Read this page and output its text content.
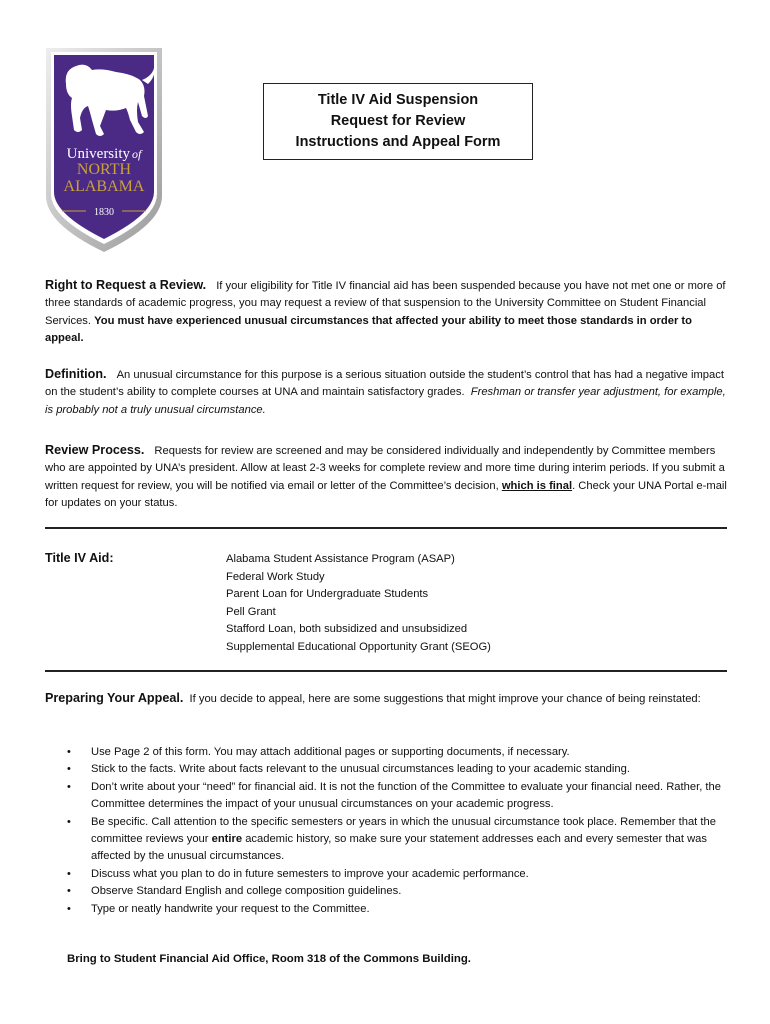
University of
NORTH
ALABAMA
1830
Title IV Aid Suspension
Request for Review
Instructions and Appeal Form

Right to Request a Review. If your eligibility for Title IV financial aid has been suspended because you have not met one or more of three standards of academic progress, you may request a review of that suspension to the University Committee on Student Financial Services. You must have experienced unusual circumstances that affected your ability to meet those standards in order to appeal.

Definition. An unusual circumstance for this purpose is a serious situation outside the student’s control that has had a negative impact on the student’s ability to complete courses at UNA and maintain satisfactory grades. Freshman or transfer year adjustment, for example, is probably not a truly unusual circumstance.

Review Process. Requests for review are screened and may be considered individually and independently by Committee members who are appointed by UNA’s president. Allow at least 2-3 weeks for complete review and more time during interim periods. If you submit a written request for review, you will be notified via email or letter of the Committee’s decision, which is final. Check your UNA Portal e-mail for updates on your status.

Title IV Aid:	Alabama Student Assistance Program (ASAP)
Federal Work Study
Parent Loan for Undergraduate Students
Pell Grant
Stafford Loan, both subsidized and unsubsidized
Supplemental Educational Opportunity Grant (SEOG)

Preparing Your Appeal. If you decide to appeal, here are some suggestions that might improve your chance of being reinstated:

• Use Page 2 of this form. You may attach additional pages or supporting documents, if necessary.
• Stick to the facts. Write about facts relevant to the unusual circumstances leading to your academic standing.
• Don’t write about your “need” for financial aid. It is not the function of the Committee to evaluate your financial need. Rather, the Committee determines the impact of your unusual circumstances on your academic progress.
• Be specific. Call attention to the specific semesters or years in which the unusual circumstance took place. Remember that the committee reviews your entire academic history, so make sure your statement addresses each and every semester that was affected by the unusual circumstances.
• Discuss what you plan to do in future semesters to improve your academic performance.
• Observe Standard English and college composition guidelines.
• Type or neatly handwrite your request to the Committee.
Bring to Student Financial Aid Office, Room 318 of the Commons Building.
